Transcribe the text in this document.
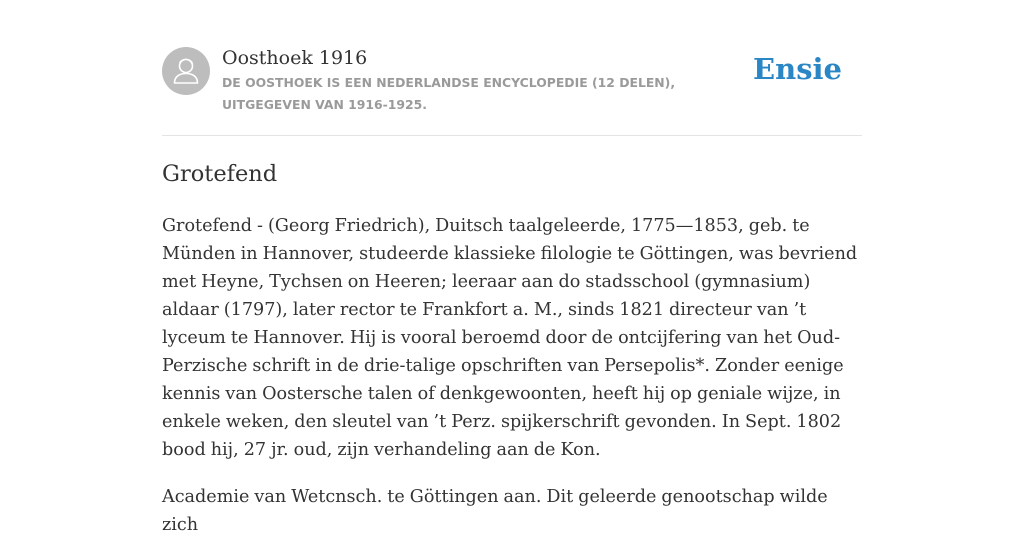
Oosthoek 1916
DE OOSTHOEK IS EEN NEDERLANDSE ENCYCLOPEDIE (12 DELEN), UITGEGEVEN VAN 1916-1925.
Ensie
Grotefend

Grotefend - (Georg Friedrich), Duitsch taalgeleerde, 1775—1853, geb. te Münden in Hannover, studeerde klassieke filologie te Göttingen, was bevriend met Heyne, Tychsen on Heeren; leeraar aan do stadsschool (gymnasium) aldaar (1797), later rector te Frankfort a. M., sinds 1821 directeur van ’t lyceum te Hannover. Hij is vooral beroemd door de ontcijfering van het Oud-Perzische schrift in de drie-talige opschriften van Persepolis*. Zonder eenige kennis van Oostersche talen of denkgewoonten, heeft hij op geniale wijze, in enkele weken, den sleutel van ’t Perz. spijkerschrift gevonden. In Sept. 1802 bood hij, 27 jr. oud, zijn verhandeling aan de Kon.

Academie van Wetcnsch. te Göttingen aan. Dit geleerde genootschap wilde zich
